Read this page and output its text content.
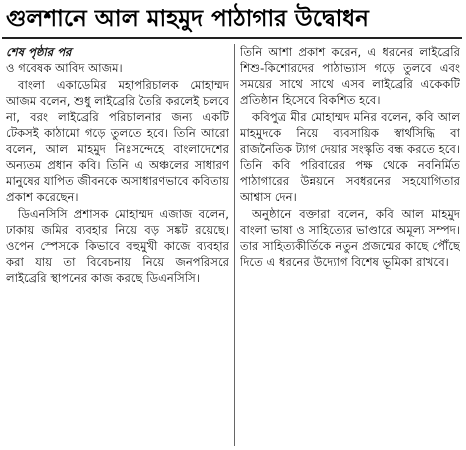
গুলশানে আল মাহমুদ পাঠাগার উদ্বোধন
শেষ পৃষ্ঠার পর

ও গবেষক আবিদ আজম।

বাংলা একাডেমির মহাপরিচালক মোহাম্মদ আজম বলেন, শুধু লাইব্রেরি তৈরি করলেই চলবে না, বরং লাইব্রেরি পরিচালনার জন্য একটি টেকসই কাঠামো গড়ে তুলতে হবে। তিনি আরো বলেন, আল মাহমুদ নিঃসন্দেহে বাংলাদেশের অন্যতম প্রধান কবি। তিনি এ অঞ্চলের সাধারণ মানুষের যাপিত জীবনকে অসাধারণভাবে কবিতায় প্রকাশ করেছেন।

ডিএনসিসি প্রশাসক মোহাম্মদ এজাজ বলেন, ঢাকায় জমির ব্যবহার নিয়ে বড় সঙ্কট রয়েছে। ওপেন স্পেসকে কিভাবে বহুমুখী কাজে ব্যবহার করা যায় তা বিবেচনায় নিয়ে জনপরিসরে লাইব্রেরি স্থাপনের কাজ করছে ডিএনসিসি।

তিনি আশা প্রকাশ করেন, এ ধরনের লাইব্রেরি শিশু-কিশোরদের পাঠাভ্যাস গড়ে তুলবে এবং সময়ের সাথে সাথে এসব লাইব্রেরি একেকটি প্রতিষ্ঠান হিসেবে বিকশিত হবে।

কবিপুত্র মীর মোহাম্মদ মনির বলেন, কবি আল মাহমুদকে নিয়ে ব্যবসায়িক স্বার্থসিদ্ধি বা রাজনৈতিক ট্যাগ দেয়ার সংস্কৃতি বন্ধ করতে হবে। তিনি কবি পরিবারের পক্ষ থেকে নবনির্মিত পাঠাগারের উন্নয়নে সবধরনের সহযোগিতার আশ্বাস দেন।

অনুষ্ঠানে বক্তারা বলেন, কবি আল মাহমুদ বাংলা ভাষা ও সাহিত্যের ভাণ্ডারে অমূল্য সম্পদ। তার সাহিত্যকীর্তিকে নতুন প্রজন্মের কাছে পৌঁছে দিতে এ ধরনের উদ্যোগ বিশেষ ভূমিকা রাখবে।
